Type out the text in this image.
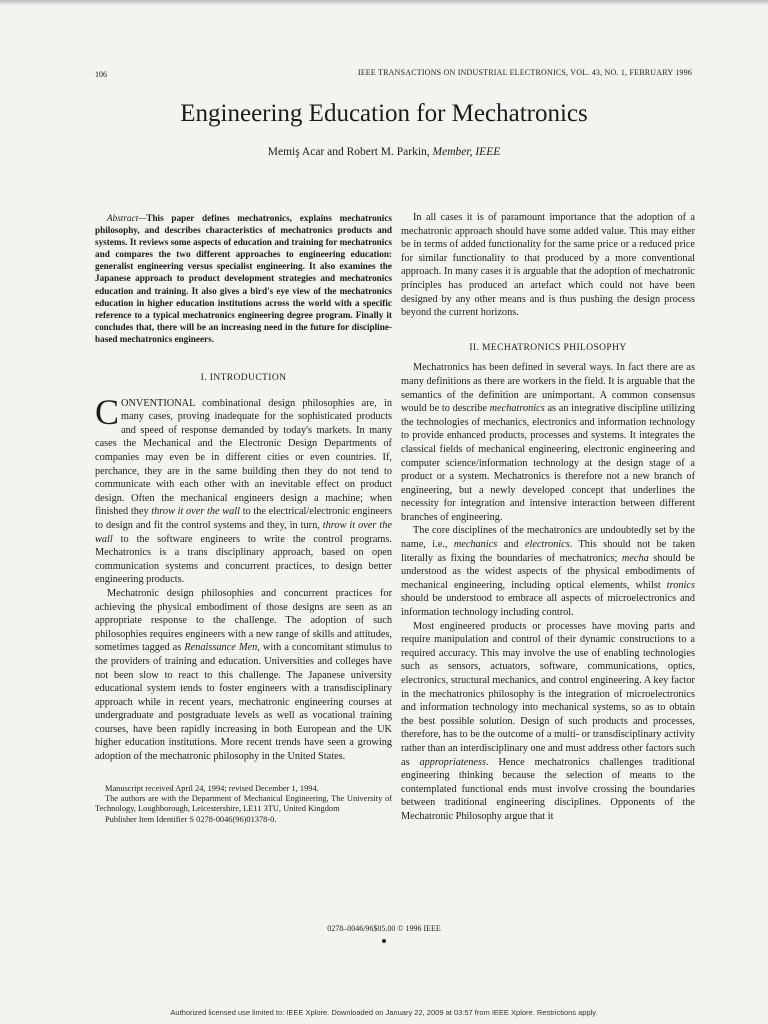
106	IEEE TRANSACTIONS ON INDUSTRIAL ELECTRONICS, VOL. 43, NO. 1, FEBRUARY 1996
Engineering Education for Mechatronics
Memiş Acar and Robert M. Parkin, Member, IEEE

Abstract—This paper defines mechatronics, explains mechatronics philosophy, and describes characteristics of mechatronics products and systems. It reviews some aspects of education and training for mechatronics and compares the two different approaches to engineering education: generalist engineering versus specialist engineering. It also examines the Japanese approach to product development strategies and mechatronics education and training. It also gives a bird's eye view of the mechatronics education in higher education institutions across the world with a specific reference to a typical mechatronics engineering degree program. Finally it concludes that, there will be an increasing need in the future for discipline-based mechatronics engineers.

I. INTRODUCTION

CONVENTIONAL combinational design philosophies are, in many cases, proving inadequate for the sophisticated products and speed of response demanded by today's markets. In many cases the Mechanical and the Electronic Design Departments of companies may even be in different cities or even countries. If, perchance, they are in the same building then they do not tend to communicate with each other with an inevitable effect on product design. Often the mechanical engineers design a machine; when finished they throw it over the wall to the electrical/electronic engineers to design and fit the control systems and they, in turn, throw it over the wall to the software engineers to write the control programs. Mechatronics is a trans disciplinary approach, based on open communication systems and concurrent practices, to design better engineering products.

Mechatronic design philosophies and concurrent practices for achieving the physical embodiment of those designs are seen as an appropriate response to the challenge. The adoption of such philosophies requires engineers with a new range of skills and attitudes, sometimes tagged as Renaissance Men, with a concomitant stimulus to the providers of training and education. Universities and colleges have not been slow to react to this challenge. The Japanese university educational system tends to foster engineers with a transdisciplinary approach while in recent years, mechatronic engineering courses at undergraduate and postgraduate levels as well as vocational training courses, have been rapidly increasing in both European and the UK higher education institutions. More recent trends have seen a growing adoption of the mechatronic philosophy in the United States.

Manuscript received April 24, 1994; revised December 1, 1994.

The authors are with the Department of Mechanical Engineering, The University of Technology, Loughborough, Leicestershire, LE11 3TU, United Kingdom

Publisher Item Identifier S 0278-0046(96)01378-0.

In all cases it is of paramount importance that the adoption of a mechatronic approach should have some added value. This may either be in terms of added functionality for the same price or a reduced price for similar functionality to that produced by a more conventional approach. In many cases it is arguable that the adoption of mechatronic principles has produced an artefact which could not have been designed by any other means and is thus pushing the design process beyond the current horizons.

II. MECHATRONICS PHILOSOPHY

Mechatronics has been defined in several ways. In fact there are as many definitions as there are workers in the field. It is arguable that the semantics of the definition are unimportant. A common consensus would be to describe mechatronics as an integrative discipline utilizing the technologies of mechanics, electronics and information technology to provide enhanced products, processes and systems. It integrates the classical fields of mechanical engineering, electronic engineering and computer science/information technology at the design stage of a product or a system. Mechatronics is therefore not a new branch of engineering, but a newly developed concept that underlines the necessity for integration and intensive interaction between different branches of engineering.

The core disciplines of the mechatronics are undoubtedly set by the name, i.e., mechanics and electronics. This should not be taken literally as fixing the boundaries of mechatronics; mecha should be understood as the widest aspects of the physical embodiments of mechanical engineering, including optical elements, whilst tronics should be understood to embrace all aspects of microelectronics and information technology including control.

Most engineered products or processes have moving parts and require manipulation and control of their dynamic constructions to a required accuracy. This may involve the use of enabling technologies such as sensors, actuators, software, communications, optics, electronics, structural mechanics, and control engineering. A key factor in the mechatronics philosophy is the integration of microelectronics and information technology into mechanical systems, so as to obtain the best possible solution. Design of such products and processes, therefore, has to be the outcome of a multi- or transdisciplinary activity rather than an interdisciplinary one and must address other factors such as appropriateness. Hence mechatronics challenges traditional engineering thinking because the selection of means to the contemplated functional ends must involve crossing the boundaries between traditional engineering disciplines. Opponents of the Mechatronic Philosophy argue that it

0278–0046/96$05.00 © 1996 IEEE
Authorized licensed use limited to: IEEE Xplore. Downloaded on January 22, 2009 at 03:57 from IEEE Xplore. Restrictions apply.
